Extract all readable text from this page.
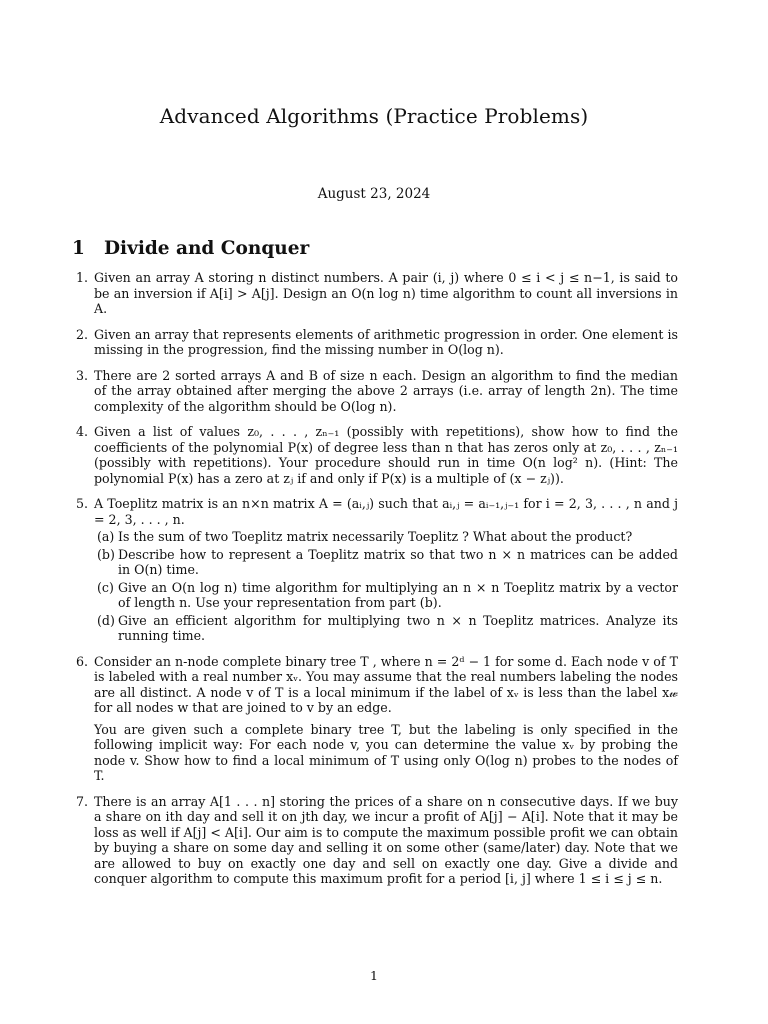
Advanced Algorithms (Practice Problems)
August 23, 2024
1 Divide and Conquer
1. Given an array A storing n distinct numbers. A pair (i, j) where 0 ≤ i < j ≤ n−1, is said to be an inversion if A[i] > A[j]. Design an O(n log n) time algorithm to count all inversions in A.

2. Given an array that represents elements of arithmetic progression in order. One element is missing in the progression, find the missing number in O(log n).

3. There are 2 sorted arrays A and B of size n each. Design an algorithm to find the median of the array obtained after merging the above 2 arrays (i.e. array of length 2n). The time complexity of the algorithm should be O(log n).

4. Given a list of values z₀, . . . , zₙ₋₁ (possibly with repetitions), show how to find the coefficients of the polynomial P(x) of degree less than n that has zeros only at z₀, . . . , zₙ₋₁ (possibly with repetitions). Your procedure should run in time O(n log² n). (Hint: The polynomial P(x) has a zero at zⱼ if and only if P(x) is a multiple of (x − zⱼ)).

5. A Toeplitz matrix is an n×n matrix A = (aᵢ,ⱼ) such that aᵢ,ⱼ = aᵢ₋₁,ⱼ₋₁ for i = 2, 3, . . . , n and j = 2, 3, . . . , n.

(a) Is the sum of two Toeplitz matrix necessarily Toeplitz ? What about the product?
(b) Describe how to represent a Toeplitz matrix so that two n × n matrices can be added in O(n) time.
(c) Give an O(n log n) time algorithm for multiplying an n × n Toeplitz matrix by a vector of length n. Use your representation from part (b).
(d) Give an efficient algorithm for multiplying two n × n Toeplitz matrices. Analyze its running time.
6. Consider an n-node complete binary tree T , where n = 2ᵈ − 1 for some d. Each node v of T is labeled with a real number xᵥ. You may assume that the real numbers labeling the nodes are all distinct. A node v of T is a local minimum if the label of xᵥ is less than the label x𝓌 for all nodes w that are joined to v by an edge.

You are given such a complete binary tree T, but the labeling is only specified in the following implicit way: For each node v, you can determine the value xᵥ by probing the node v. Show how to find a local minimum of T using only O(log n) probes to the nodes of T.

7. There is an array A[1 . . . n] storing the prices of a share on n consecutive days. If we buy a share on ith day and sell it on jth day, we incur a profit of A[j] − A[i]. Note that it may be loss as well if A[j] < A[i]. Our aim is to compute the maximum possible profit we can obtain by buying a share on some day and selling it on some other (same/later) day. Note that we are allowed to buy on exactly one day and sell on exactly one day. Give a divide and conquer algorithm to compute this maximum profit for a period [i, j] where 1 ≤ i ≤ j ≤ n.

1
